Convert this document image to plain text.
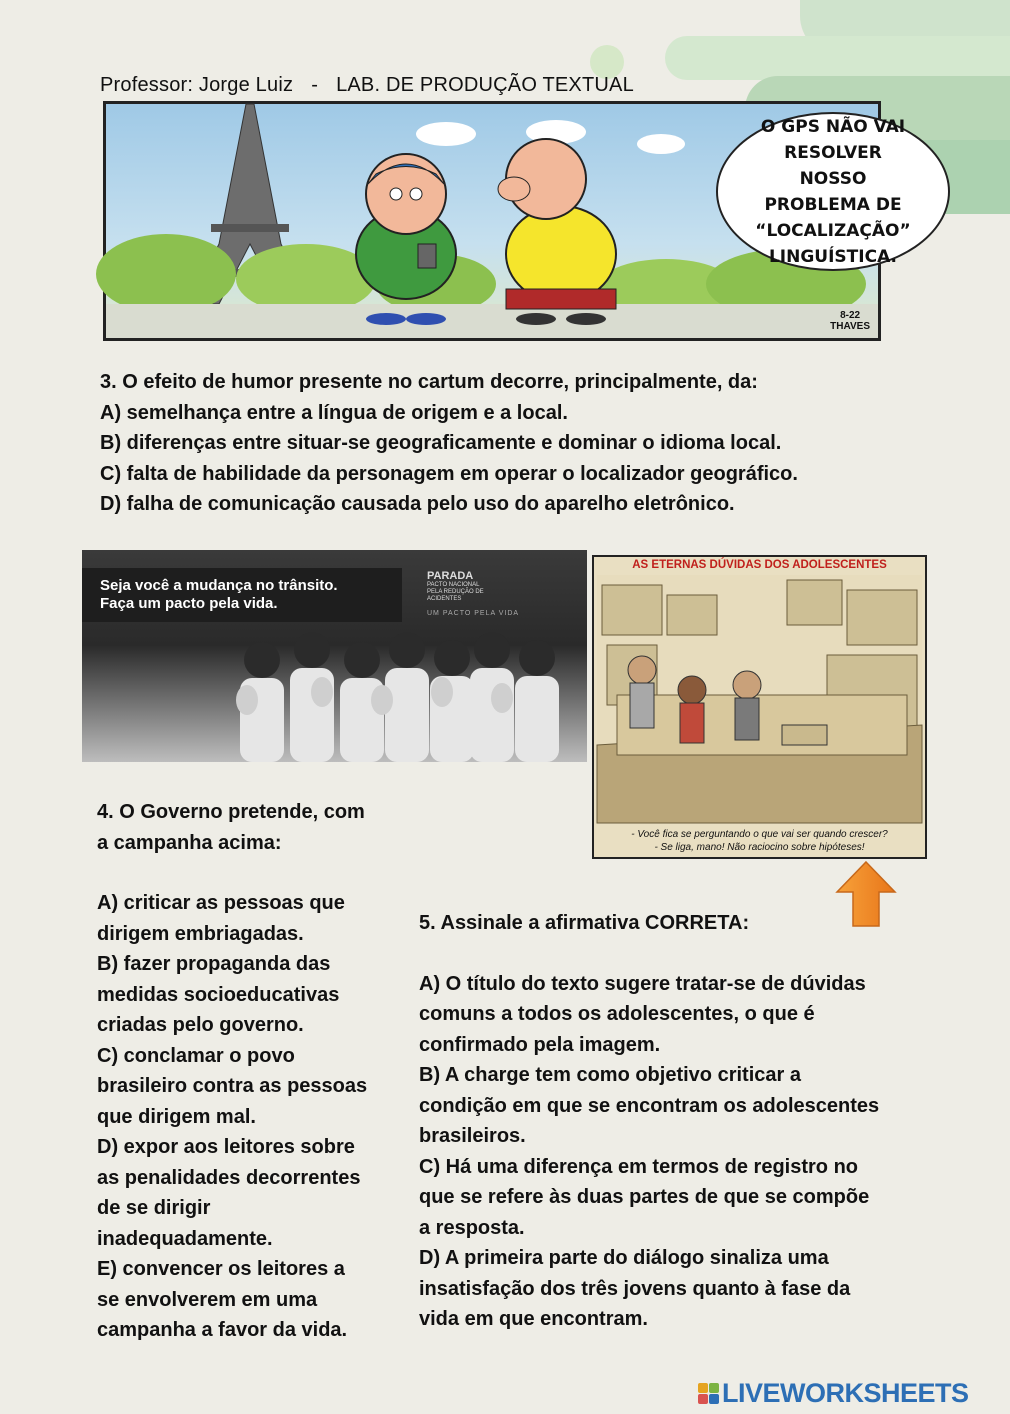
Professor: Jorge Luiz - LAB. DE PRODUÇÃO TEXTUAL
O GPS NÃO VAI
RESOLVER NOSSO
PROBLEMA DE
“LOCALIZAÇÃO”
LINGUÍSTICA.
8-22
THAVES
3. O efeito de humor presente no cartum decorre, principalmente, da:
A) semelhança entre a língua de origem e a local.
B) diferenças entre situar-se geograficamente e dominar o idioma local.
C) falta de habilidade da personagem em operar o localizador geográfico.
D) falha de comunicação causada pelo uso do aparelho eletrônico.
Seja você a mudança no trânsito.
Faça um pacto pela vida.
PARADA
PACTO NACIONAL PELA REDUÇÃO DE ACIDENTES
UM PACTO PELA VIDA
AS ETERNAS DÚVIDAS DOS ADOLESCENTES
- Você fica se perguntando o que vai ser quando crescer?
- Se liga, mano! Não raciocino sobre hipóteses!
4. O Governo pretende, com
a campanha acima:
A) criticar as pessoas que
dirigem embriagadas.
B) fazer propaganda das
medidas socioeducativas
criadas pelo governo.
C) conclamar o povo
brasileiro contra as pessoas
que dirigem mal.
D) expor aos leitores sobre
as penalidades decorrentes
de se dirigir
inadequadamente.
E) convencer os leitores a
se envolverem em uma
campanha a favor da vida.
5. Assinale a afirmativa CORRETA:
A) O título do texto sugere tratar-se de dúvidas
comuns a todos os adolescentes, o que é
confirmado pela imagem.
B) A charge tem como objetivo criticar a
condição em que se encontram os adolescentes
brasileiros.
C) Há uma diferença em termos de registro no
que se refere às duas partes de que se compõe
a resposta.
D) A primeira parte do diálogo sinaliza uma
insatisfação dos três jovens quanto à fase da
vida em que encontram.
LIVEWORKSHEETS
